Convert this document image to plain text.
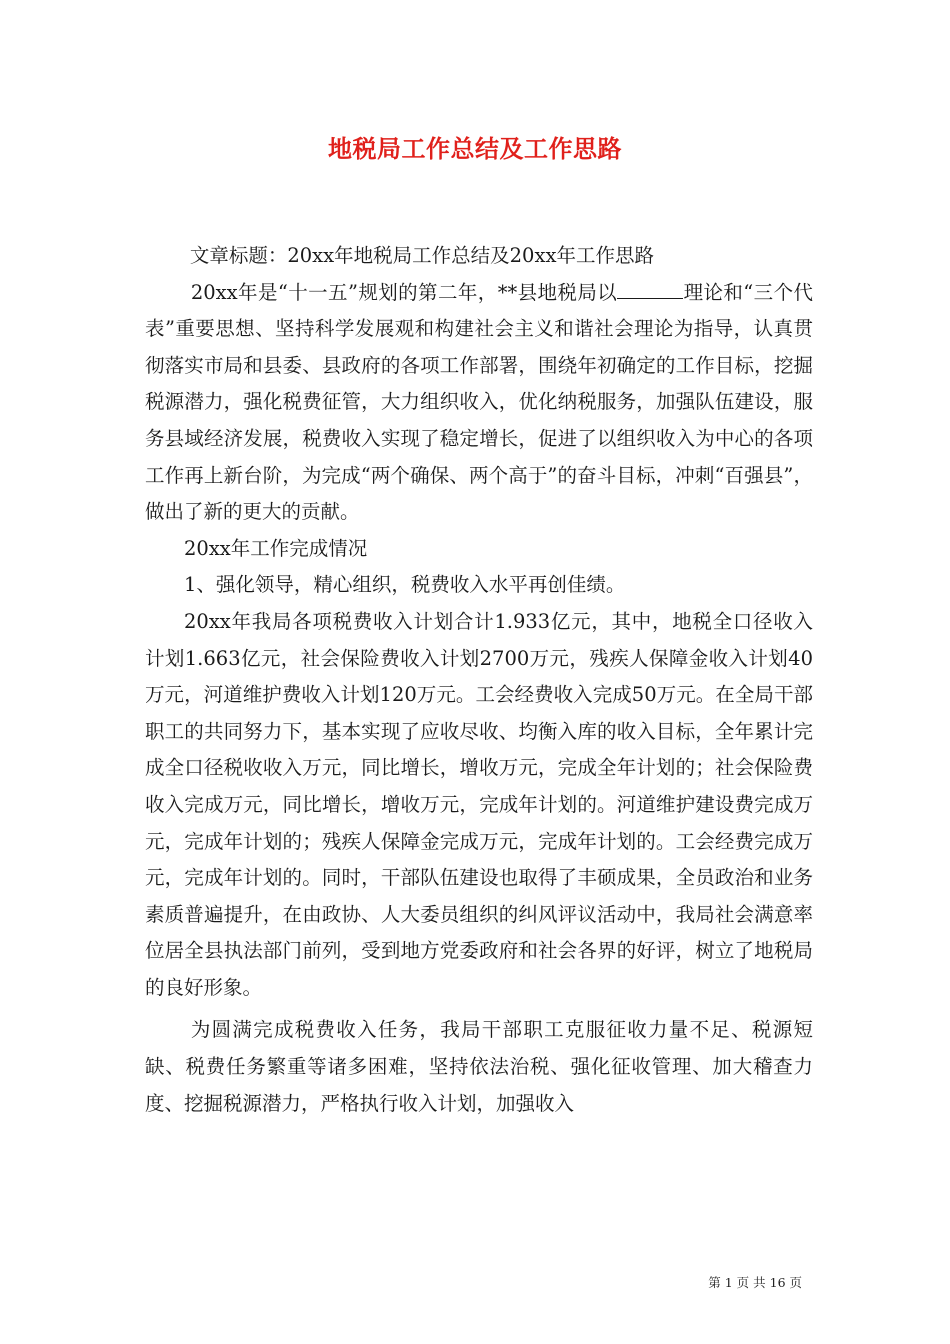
地税局工作总结及工作思路

文章标题：20xx年地税局工作总结及20xx年工作思路

20xx年是“十一五”规划的第二年，**县地税局以	理论和“三个代表”重要思想、坚持科学发展观和构建社会主义和谐社会理论为指导，认真贯彻落实市局和县委、县政府的各项工作部署，围绕年初确定的工作目标，挖掘税源潜力，强化税费征管，大力组织收入，优化纳税服务，加强队伍建设，服务县域经济发展，税费收入实现了稳定增长，促进了以组织收入为中心的各项工作再上新台阶，为完成“两个确保、两个高于”的奋斗目标，冲刺“百强县”，做出了新的更大的贡献。

20xx年工作完成情况

1、强化领导，精心组织，税费收入水平再创佳绩。

20xx年我局各项税费收入计划合计1.933亿元，其中，地税全口径收入计划1.663亿元，社会保险费收入计划2700万元，残疾人保障金收入计划40万元，河道维护费收入计划120万元。工会经费收入完成50万元。在全局干部职工的共同努力下，基本实现了应收尽收、均衡入库的收入目标，全年累计完成全口径税收收入万元，同比增长，增收万元，完成全年计划的；社会保险费收入完成万元，同比增长，增收万元，完成年计划的。河道维护建设费完成万元，完成年计划的；残疾人保障金完成万元，完成年计划的。工会经费完成万元，完成年计划的。同时，干部队伍建设也取得了丰硕成果，全员政治和业务素质普遍提升，在由政协、人大委员组织的纠风评议活动中，我局社会满意率位居全县执法部门前列，受到地方党委政府和社会各界的好评，树立了地税局的良好形象。

为圆满完成税费收入任务，我局干部职工克服征收力量不足、税源短缺、税费任务繁重等诸多困难，坚持依法治税、强化征收管理、加大稽查力度、挖掘税源潜力，严格执行收入计划，加强收入

第 1 页 共 16 页
